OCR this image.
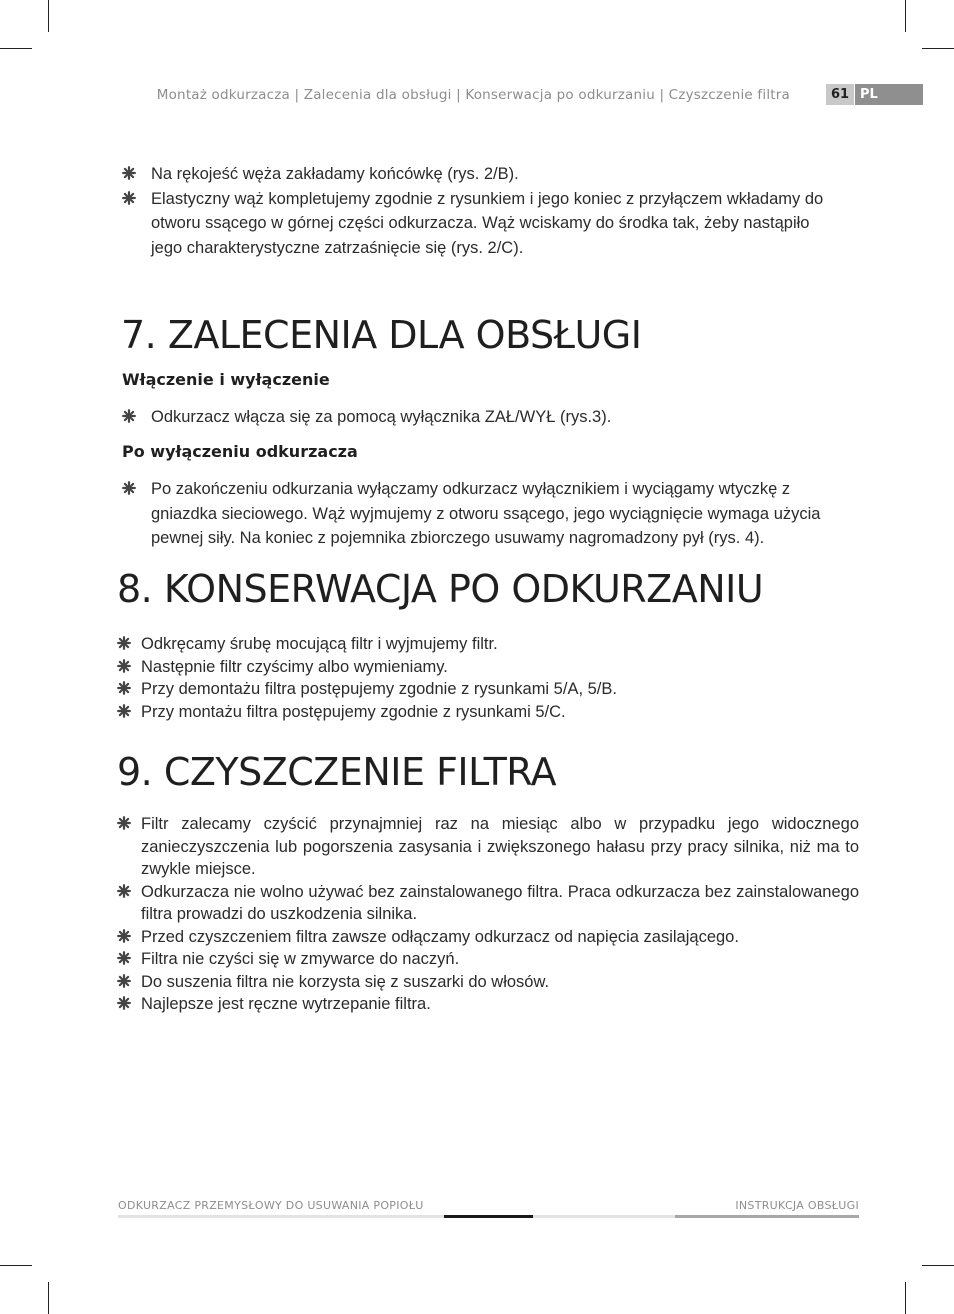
Montaż odkurzacza | Zalecenia dla obsługi | Konserwacja po odkurzaniu | Czyszczenie filtra	61 PL
Na rękojeść węża zakładamy końcówkę (rys. 2/B).
Elastyczny wąż kompletujemy zgodnie z rysunkiem i jego koniec z przyłączem wkładamy do otworu ssącego w górnej części odkurzacza. Wąż wciskamy do środka tak, żeby nastąpiło jego charakterystyczne zatrzaśnięcie się (rys. 2/C).
7. ZALECENIA DLA OBSŁUGI
Włączenie i wyłączenie
Odkurzacz włącza się za pomocą wyłącznika ZAŁ/WYŁ (rys.3).
Po wyłączeniu odkurzacza
Po zakończeniu odkurzania wyłączamy odkurzacz wyłącznikiem i wyciągamy wtyczkę z gniazdka sieciowego. Wąż wyjmujemy z otworu ssącego, jego wyciągnięcie wymaga użycia pewnej siły. Na koniec z pojemnika zbiorczego usuwamy nagromadzony pył (rys. 4).
8. KONSERWACJA PO ODKURZANIU
Odkręcamy śrubę mocującą filtr i wyjmujemy filtr.
Następnie filtr czyścimy albo wymieniamy.
Przy demontażu filtra postępujemy zgodnie z rysunkami 5/A, 5/B.
Przy montażu filtra postępujemy zgodnie z rysunkami 5/C.
9. CZYSZCZENIE FILTRA
Filtr zalecamy czyścić przynajmniej raz na miesiąc albo w przypadku jego widocznego zanieczyszczenia lub pogorszenia zasysania i zwiększonego hałasu przy pracy silnika, niż ma to zwykle miejsce.
Odkurzacza nie wolno używać bez zainstalowanego filtra. Praca odkurzacza bez zainstalowanego filtra prowadzi do uszkodzenia silnika.
Przed czyszczeniem filtra zawsze odłączamy odkurzacz od napięcia zasilającego.
Filtra nie czyści się w zmywarce do naczyń.
Do suszenia filtra nie korzysta się z suszarki do włosów.
Najlepsze jest ręczne wytrzepanie filtra.
ODKURZACZ PRZEMYSŁOWY DO USUWANIA POPIOŁU	INSTRUKCJA OBSŁUGI
